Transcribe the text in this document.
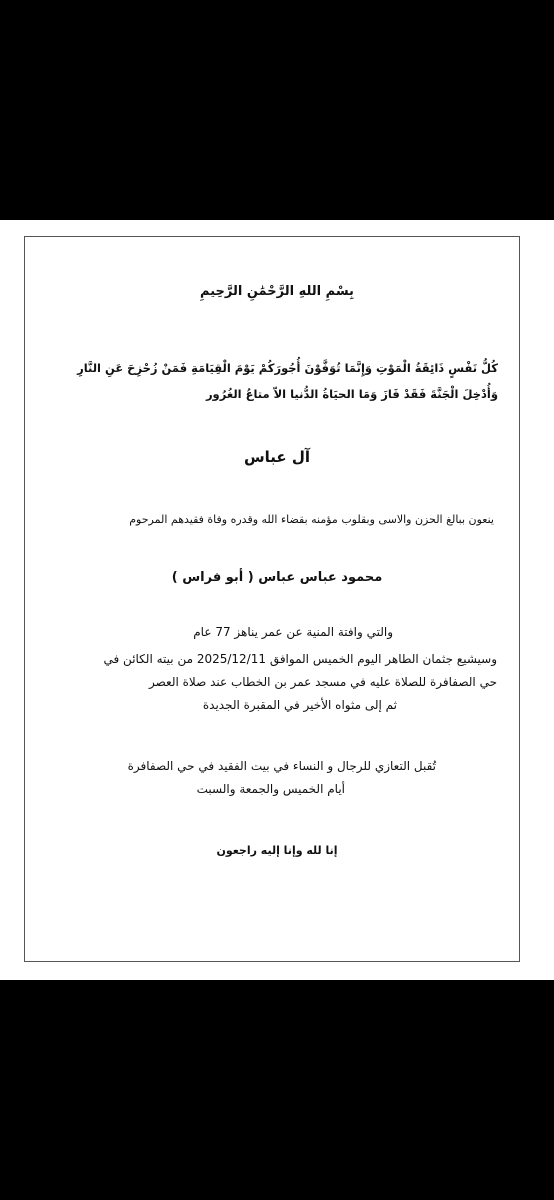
بِسْمِ اللهِ الرَّحْمَٰنِ الرَّحِيمِ
كُلُّ نَفْسٍ ذَائِقَةُ الْمَوْتِ وَإِنَّمَا تُوَفَّوْنَ أُجُورَكُمْ يَوْمَ الْقِيَامَةِ فَمَنْ زُحْزِحَ عَنِ النَّارِ
وَأُدْخِلَ الْجَنَّةَ فَقَدْ فَازَ وَمَا الحيَاةُ الدُّنيا الاّ متاعُ الغُرُور
آل عباس
ينعون ببالغ الحزن والاسى وبقلوب مؤمنه بقضاء الله وقدره وفاة فقيدهم المرحوم
محمود عباس عباس ( أبو فراس )
والتي وافتة المنية عن عمر يناهز 77 عام
وسيشيع جثمان الطاهر اليوم الخميس الموافق 2025/12/11 من بيته الكائن في
حي الصفافرة للصلاة عليه في مسجد عمر بن الخطاب عند صلاة العصر
ثم إلى مثواه الأخير في المقبرة الجديدة
تُقبل التعازي للرجال و النساء في بيت الفقيد في حي الصفافرة
أيام الخميس والجمعة والسبت
إنا لله وإنا إليه راجعون
